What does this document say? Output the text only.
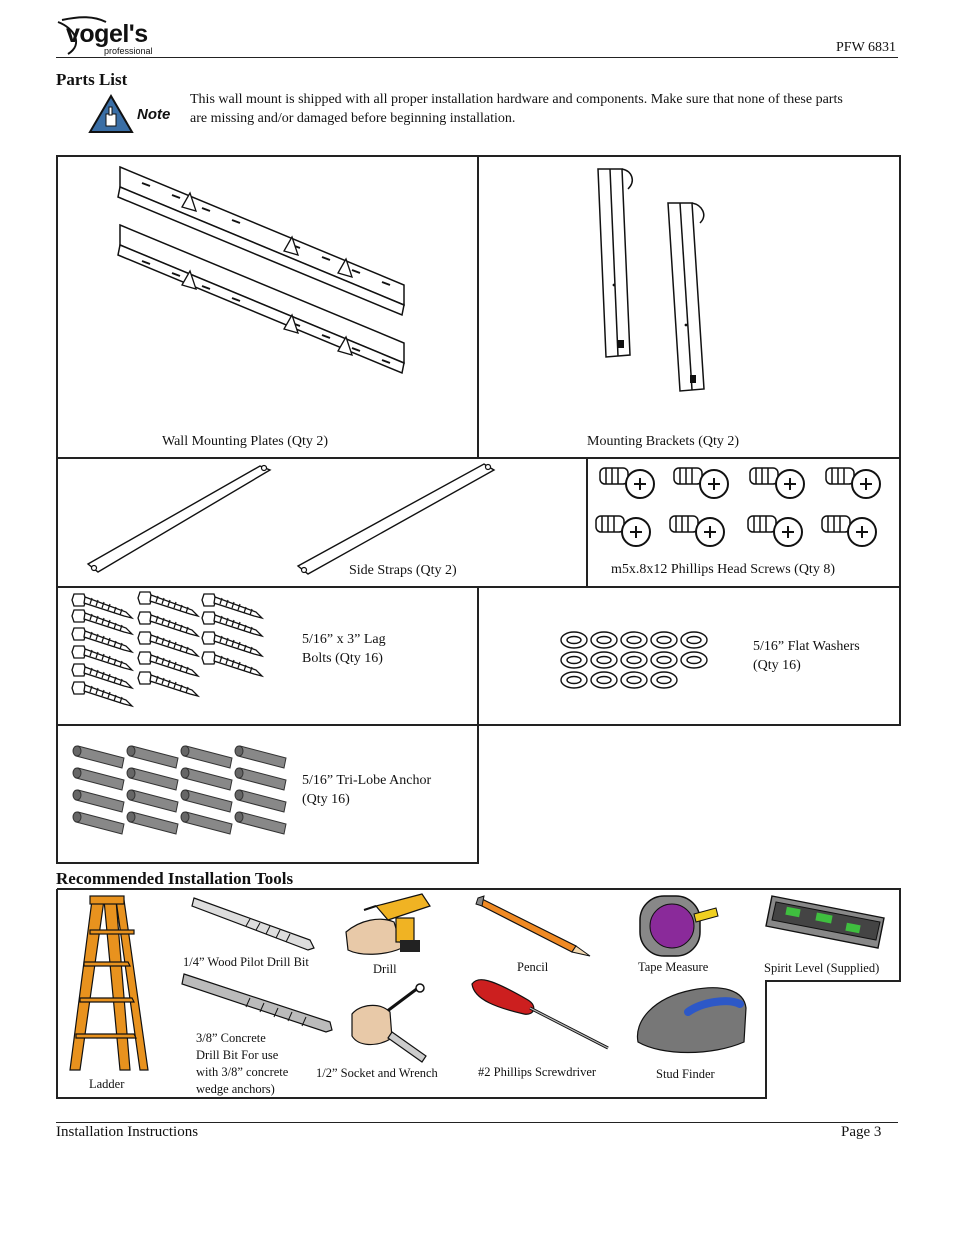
vogel's
professional	PFW 6831
Parts List
Note
This wall mount is shipped with all proper installation hardware and components. Make sure that none of these parts
are missing and/or damaged before beginning installation.
Wall Mounting Plates (Qty 2)	Mounting Brackets (Qty 2)
Side Straps (Qty 2)	m5x.8x12 Phillips Head Screws (Qty 8)
5/16” x 3” Lag
Bolts (Qty 16)
5/16” Flat Washers
(Qty 16)
5/16” Tri-Lobe Anchor
(Qty 16)
Recommended Installation Tools
Ladder
1/4” Wood Pilot Drill Bit
3/8” Concrete
Drill Bit For use
with 3/8” concrete
wedge anchors)
Drill
1/2” Socket and Wrench
Pencil
#2 Phillips Screwdriver
Tape Measure
Stud Finder
Spirit Level (Supplied)
Installation Instructions	Page 3
